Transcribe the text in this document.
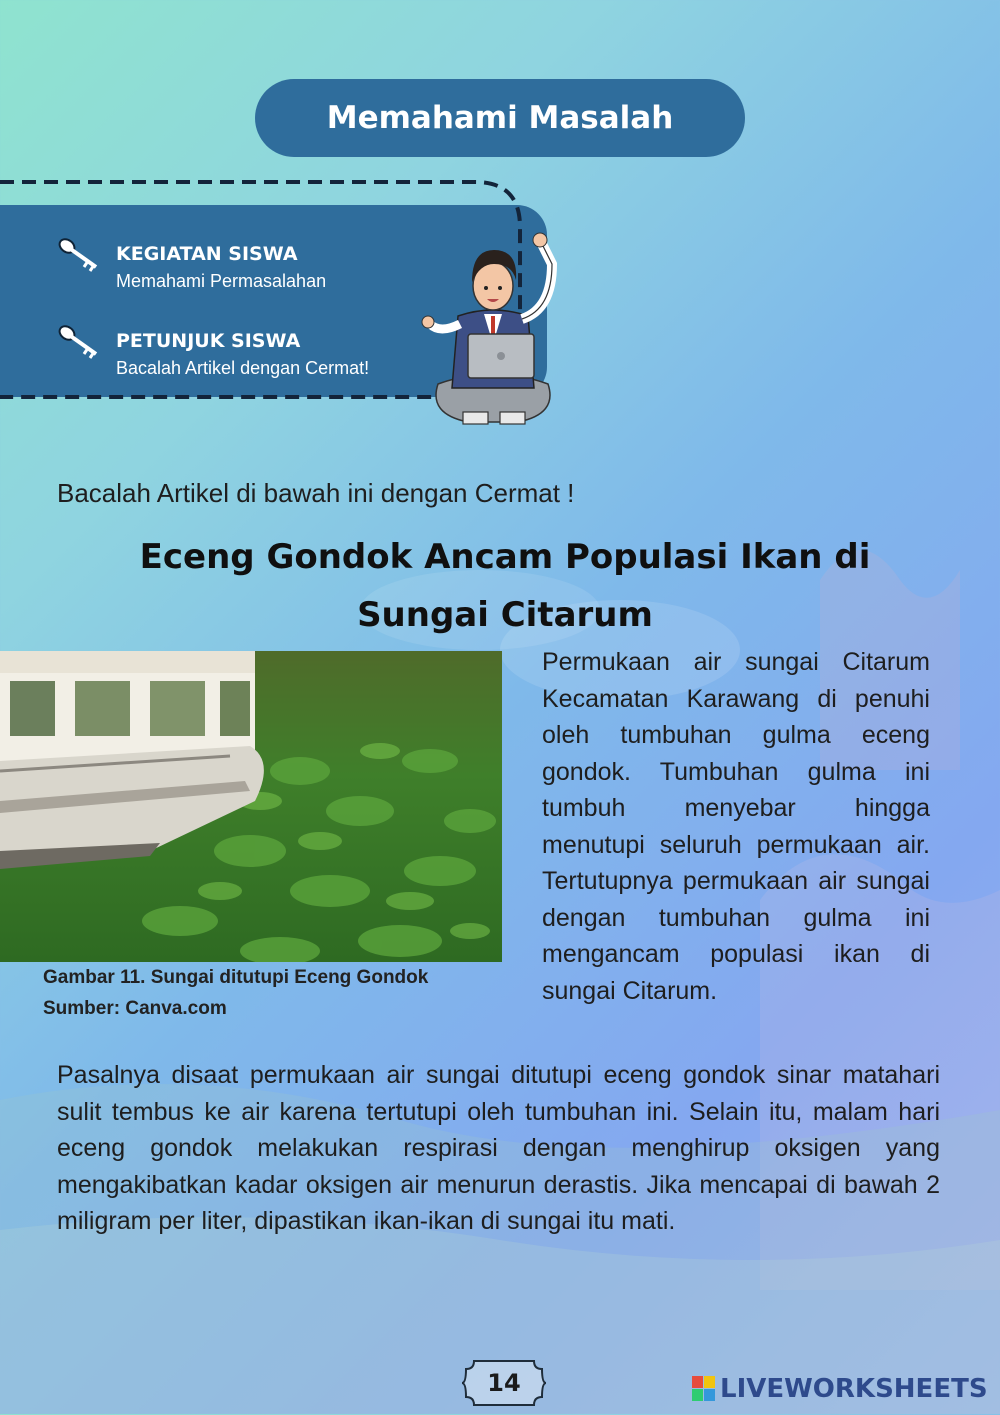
Memahami Masalah
KEGIATAN SISWA
Memahami Permasalahan
PETUNJUK SISWA
Bacalah Artikel dengan Cermat!
Bacalah Artikel di bawah ini dengan Cermat !
Eceng Gondok Ancam Populasi Ikan di
Sungai Citarum
Gambar 11. Sungai ditutupi Eceng Gondok
Sumber: Canva.com
Permukaan air sungai Citarum Kecamatan Karawang di penuhi oleh tumbuhan gulma eceng gondok. Tumbuhan gulma ini tumbuh menyebar hingga menutupi seluruh permukaan air. Tertutupnya permukaan air sungai dengan tumbuhan gulma ini mengancam populasi ikan di sungai Citarum.
Pasalnya disaat permukaan air sungai ditutupi eceng gondok sinar matahari sulit tembus ke air karena tertutupi oleh tumbuhan ini. Selain itu, malam hari eceng gondok melakukan respirasi dengan menghirup oksigen yang mengakibatkan kadar oksigen air menurun derastis. Jika mencapai di bawah 2 miligram per liter, dipastikan ikan-ikan di sungai itu mati.
14	LIVEWORKSHEETS
